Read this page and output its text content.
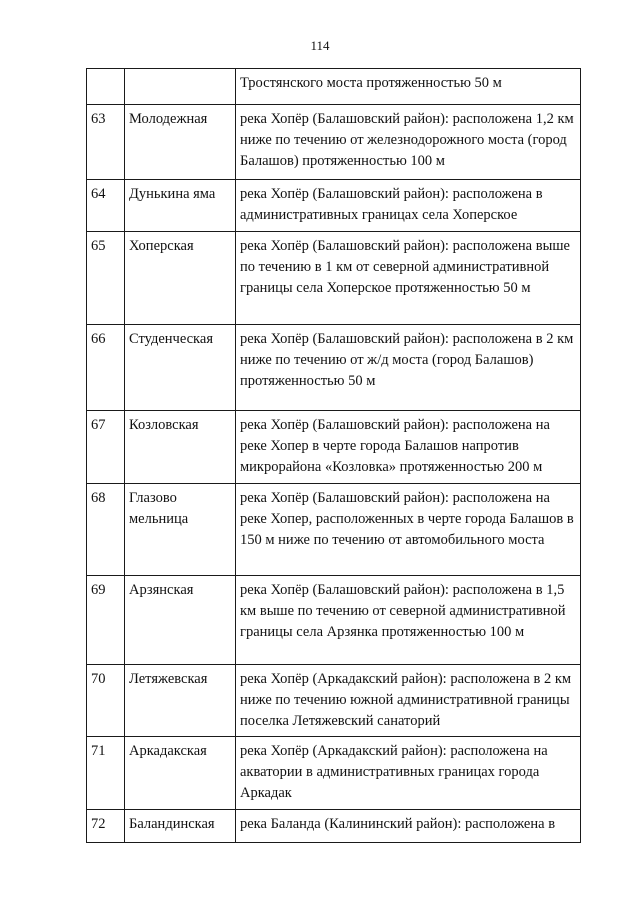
114
		Тростянского моста протяженностью 50 м
63	Молодежная	река Хопёр (Балашовский район): расположена 1,2 км ниже по течению от железнодорожного моста (город Балашов) протяженностью 100 м
64	Дунькина яма	река Хопёр (Балашовский район): расположена в административных границах села Хоперское
65	Хоперская	река Хопёр (Балашовский район): расположена выше по течению в 1 км от северной административной границы села Хоперское протяженностью 50 м
66	Студенческая	река Хопёр (Балашовский район): расположена в 2 км ниже по течению от ж/д моста (город Балашов) протяженностью 50 м
67	Козловская	река Хопёр (Балашовский район): расположена на реке Хопер в черте города Балашов напротив микрорайона «Козловка» протяженностью 200 м
68	Глазово мельница	река Хопёр (Балашовский район): расположена на реке Хопер, расположенных в черте города Балашов в 150 м ниже по течению от автомобильного моста
69	Арзянская	река Хопёр (Балашовский район): расположена в 1,5 км выше по течению от северной административной границы села Арзянка протяженностью 100 м
70	Летяжевская	река Хопёр (Аркадакский район): расположена в 2 км ниже по течению южной административной границы поселка Летяжевский санаторий
71	Аркадакская	река Хопёр (Аркадакский район): расположена на акватории в административных границах города Аркадак
72	Баландинская	река Баланда (Калининский район): расположена в
